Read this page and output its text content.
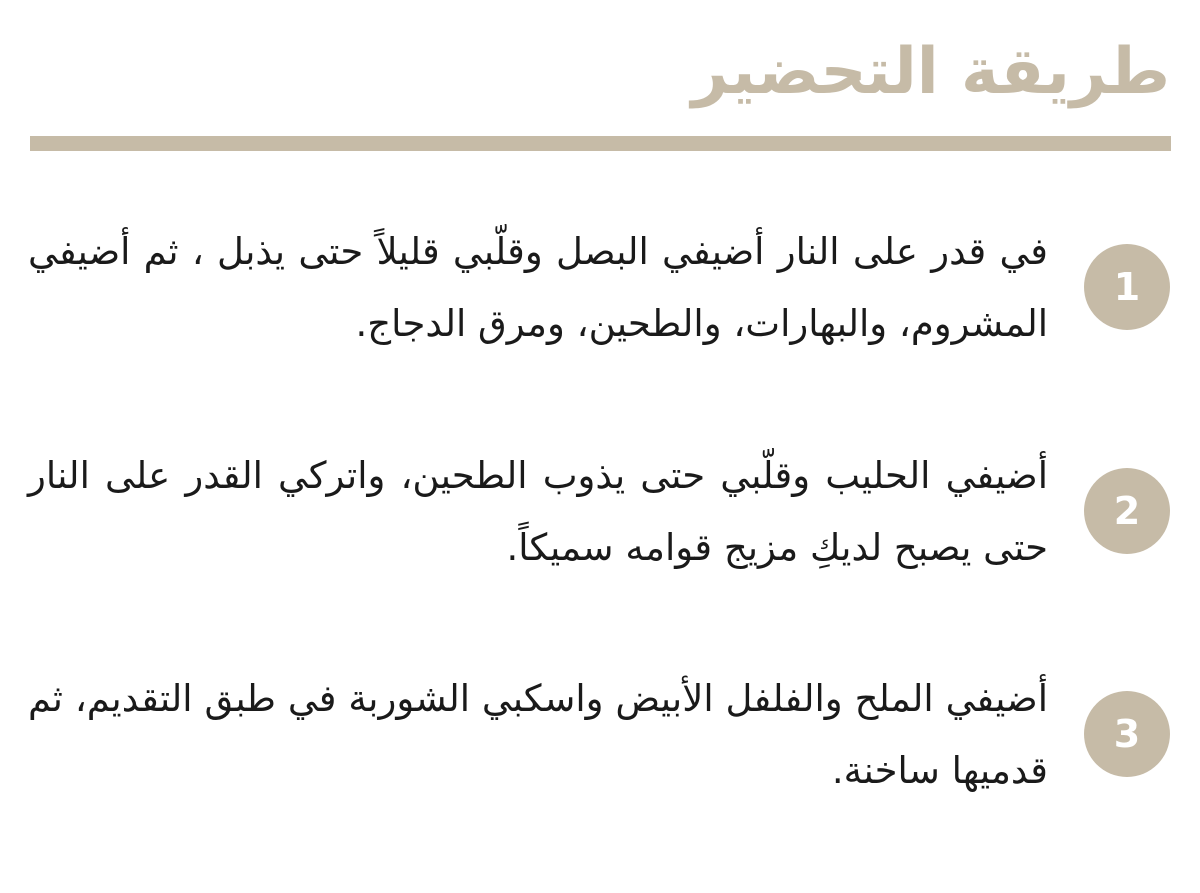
طريقة التحضير
1

في قدر على النار أضيفي البصل وقلّبي قليلاً حتى يذبل ، ثم أضيفي المشروم، والبهارات، والطحين، ومرق الدجاج.

2

أضيفي الحليب وقلّبي حتى يذوب الطحين، واتركي القدر على النار حتى يصبح لديكِ مزيج قوامه سميكاً.

3

أضيفي الملح والفلفل الأبيض واسكبي الشوربة في طبق التقديم، ثم قدميها ساخنة.
